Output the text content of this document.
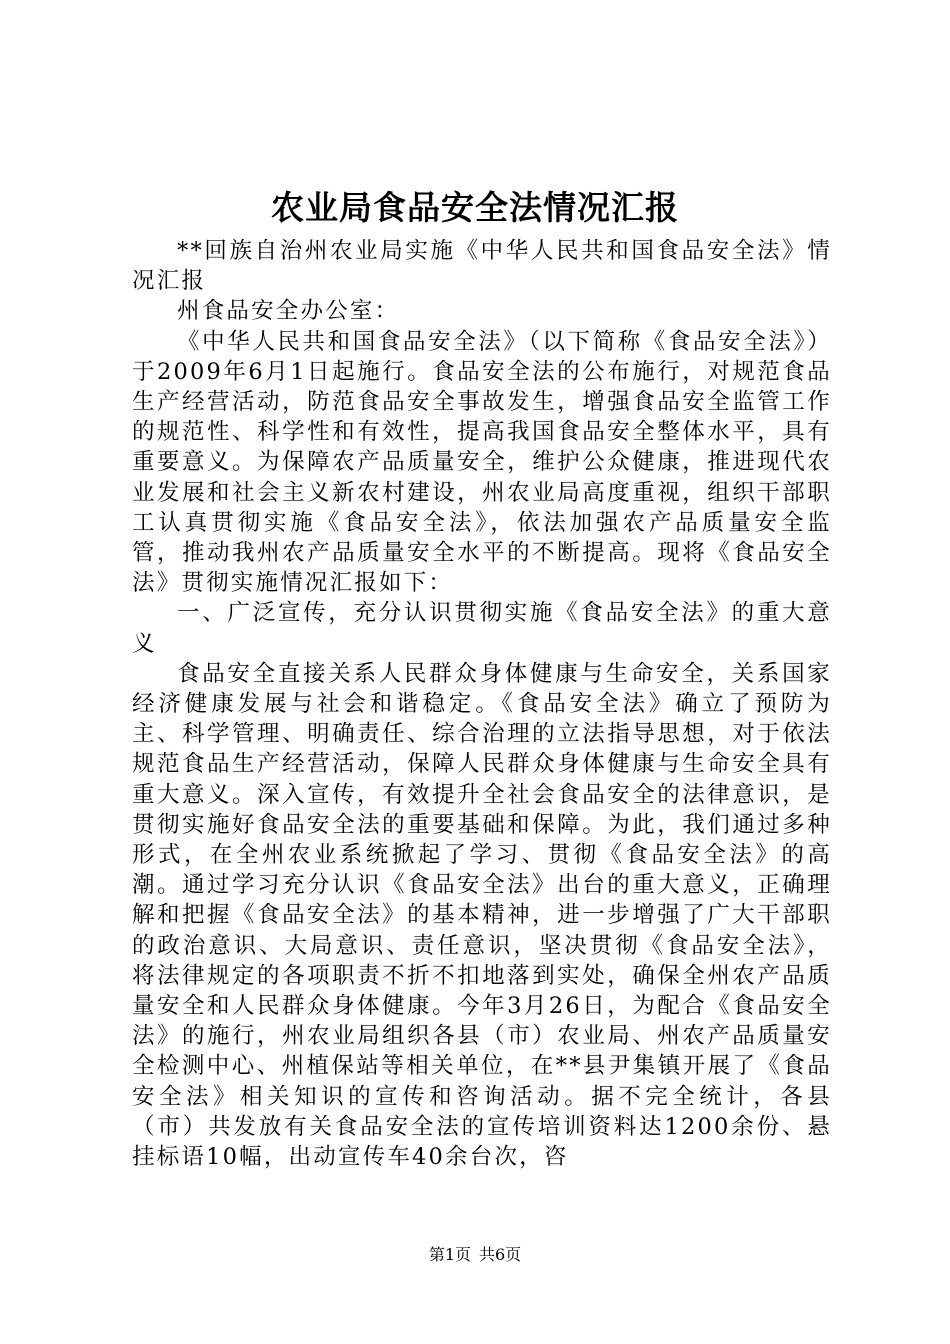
农业局食品安全法情况汇报

**回族自治州农业局实施《中华人民共和国食品安全法》情况汇报

州食品安全办公室：

《中华人民共和国食品安全法》（以下简称《食品安全法》）于2009年6月1日起施行。食品安全法的公布施行，对规范食品生产经营活动，防范食品安全事故发生，增强食品安全监管工作的规范性、科学性和有效性，提高我国食品安全整体水平，具有重要意义。为保障农产品质量安全，维护公众健康，推进现代农业发展和社会主义新农村建设，州农业局高度重视，组织干部职工认真贯彻实施《食品安全法》，依法加强农产品质量安全监管，推动我州农产品质量安全水平的不断提高。现将《食品安全法》贯彻实施情况汇报如下：

一、广泛宣传，充分认识贯彻实施《食品安全法》的重大意义

食品安全直接关系人民群众身体健康与生命安全，关系国家经济健康发展与社会和谐稳定。《食品安全法》确立了预防为主、科学管理、明确责任、综合治理的立法指导思想，对于依法规范食品生产经营活动，保障人民群众身体健康与生命安全具有重大意义。深入宣传，有效提升全社会食品安全的法律意识，是贯彻实施好食品安全法的重要基础和保障。为此，我们通过多种形式，在全州农业系统掀起了学习、贯彻《食品安全法》的高潮。通过学习充分认识《食品安全法》出台的重大意义，正确理解和把握《食品安全法》的基本精神，进一步增强了广大干部职的政治意识、大局意识、责任意识，坚决贯彻《食品安全法》，将法律规定的各项职责不折不扣地落到实处，确保全州农产品质量安全和人民群众身体健康。今年3月26日，为配合《食品安全法》的施行，州农业局组织各县（市）农业局、州农产品质量安全检测中心、州植保站等相关单位，在**县尹集镇开展了《食品安全法》相关知识的宣传和咨询活动。据不完全统计，各县（市）共发放有关食品安全法的宣传培训资料达1200余份、悬挂标语10幅，出动宣传车40余台次，咨

第1页 共6页
